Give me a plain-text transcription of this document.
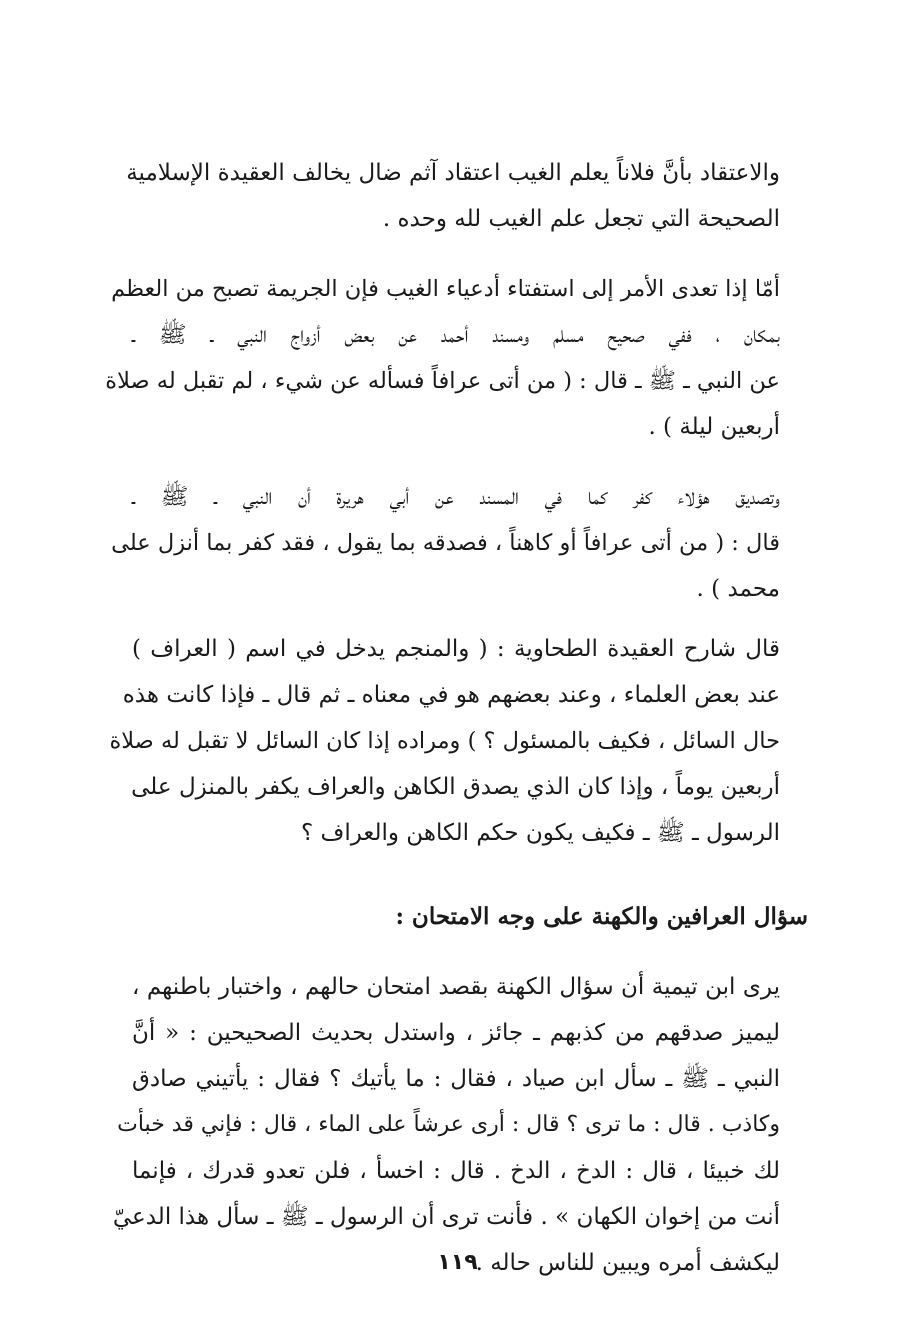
والاعتقاد بأنَّ فلاناً يعلم الغيب اعتقاد آثم ضال يخالف العقيدة الإسلامية
الصحيحة التي تجعل علم الغيب لله وحده .

أمّا إذا تعدى الأمر إلى استفتاء أدعياء الغيب فإن الجريمة تصبح من العظم
بمكان ، ففي صحيح مسلم ومسند أحمد عن بعض أزواج النبي ـ ﷺ ـ
عن النبي ـ ﷺ ـ قال : ( من أتى عرافاً فسأله عن شيء ، لم تقبل له صلاة
أربعين ليلة ) .

وتصديق هؤلاء كفر كما في المسند عن أبي هريرة أن النبي ـ ﷺ ـ
قال : ( من أتى عرافاً أو كاهناً ، فصدقه بما يقول ، فقد كفر بما أنزل على
محمد ) .

قال شارح العقيدة الطحاوية : ( والمنجم يدخل في اسم ( العراف )
عند بعض العلماء ، وعند بعضهم هو في معناه ـ ثم قال ـ فإذا كانت هذه
حال السائل ، فكيف بالمسئول ؟ ) ومراده إذا كان السائل لا تقبل له صلاة
أربعين يوماً ، وإذا كان الذي يصدق الكاهن والعراف يكفر بالمنزل على
الرسول ـ ﷺ ـ فكيف يكون حكم الكاهن والعراف ؟

سؤال العرافين والكهنة على وجه الامتحان :

يرى ابن تيمية أن سؤال الكهنة بقصد امتحان حالهم ، واختبار باطنهم ،
ليميز صدقهم من كذبهم ـ جائز ، واستدل بحديث الصحيحين : « أنَّ
النبي ـ ﷺ ـ سأل ابن صياد ، فقال : ما يأتيك ؟ فقال : يأتيني صادق
وكاذب . قال : ما ترى ؟ قال : أرى عرشاً على الماء ، قال : فإني قد خبأت
لك خبيئا ، قال : الدخ ، الدخ . قال : اخسأ ، فلن تعدو قدرك ، فإنما
أنت من إخوان الكهان » . فأنت ترى أن الرسول ـ ﷺ ـ سأل هذا الدعيّ
ليكشف أمره ويبين للناس حاله .

١١٩
